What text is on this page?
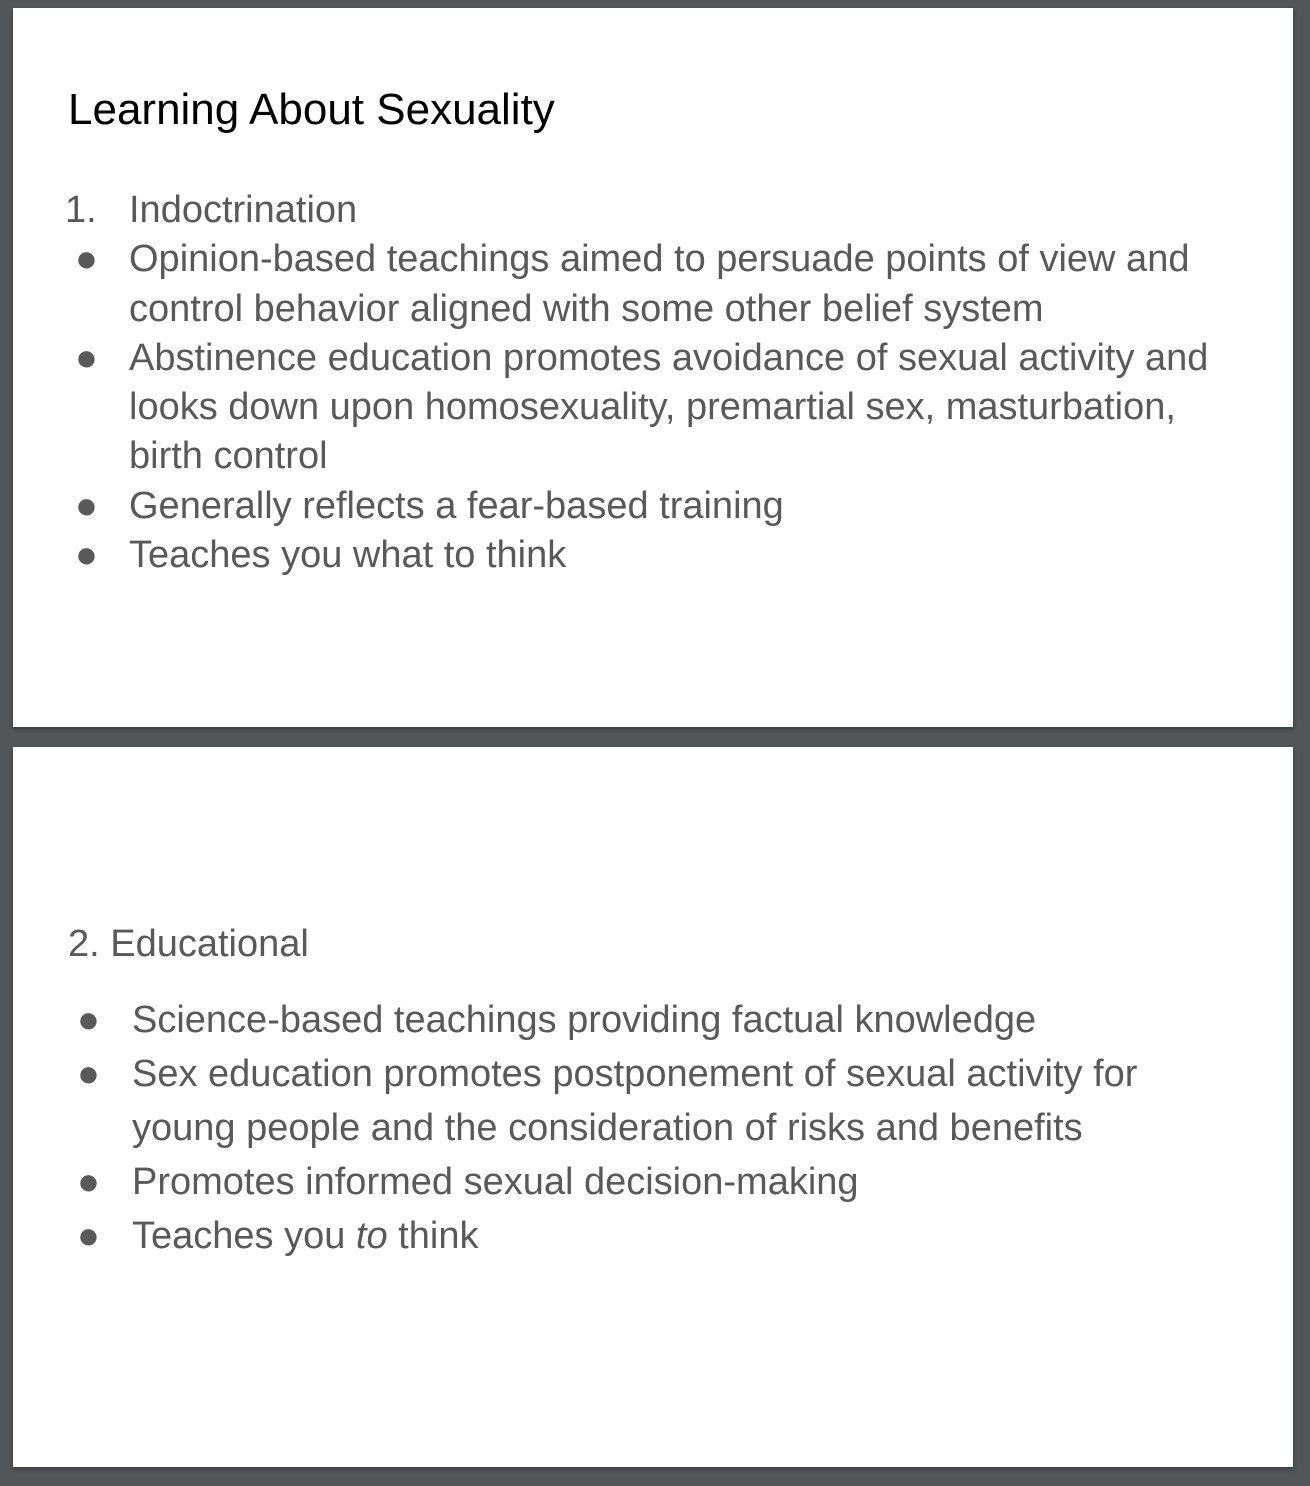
Learning About Sexuality
1. Indoctrination
● Opinion-based teachings aimed to persuade points of view and control behavior aligned with some other belief system
● Abstinence education promotes avoidance of sexual activity and looks down upon homosexuality, premartial sex, masturbation, birth control
● Generally reflects a fear-based training
● Teaches you what to think
2. Educational
● Science-based teachings providing factual knowledge
● Sex education promotes postponement of sexual activity for young people and the consideration of risks and benefits
● Promotes informed sexual decision-making
● Teaches you to think
